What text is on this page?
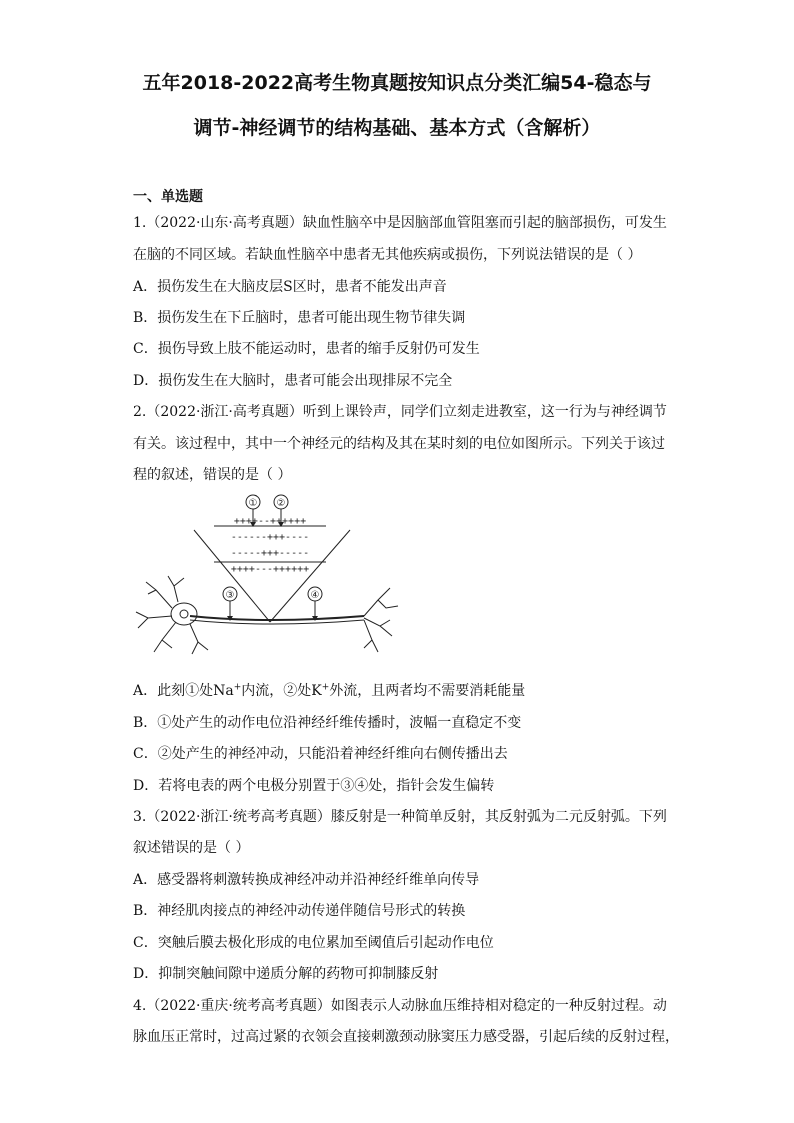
五年2018-2022高考生物真题按知识点分类汇编54-稳态与
调节-神经调节的结构基础、基本方式（含解析）
一、单选题
1.（2022·山东·高考真题）缺血性脑卒中是因脑部血管阻塞而引起的脑部损伤，可发生
在脑的不同区域。若缺血性脑卒中患者无其他疾病或损伤，下列说法错误的是（ ）
A．损伤发生在大脑皮层S区时，患者不能发出声音
B．损伤发生在下丘脑时，患者可能出现生物节律失调
C．损伤导致上肢不能运动时，患者的缩手反射仍可发生
D．损伤发生在大脑时，患者可能会出现排尿不完全
2.（2022·浙江·高考真题）听到上课铃声，同学们立刻走进教室，这一行为与神经调节
有关。该过程中，其中一个神经元的结构及其在某时刻的电位如图所示。下列关于该过
程的叙述，错误的是（ ）
① ②
③	④
++++--++++++
------+++----
-----+++-----
++++---++++++
A．此刻①处Na+内流，②处K+外流，且两者均不需要消耗能量
B．①处产生的动作电位沿神经纤维传播时，波幅一直稳定不变
C．②处产生的神经冲动，只能沿着神经纤维向右侧传播出去
D．若将电表的两个电极分别置于③④处，指针会发生偏转
3.（2022·浙江·统考高考真题）膝反射是一种简单反射，其反射弧为二元反射弧。下列
叙述错误的是（ ）
A．感受器将刺激转换成神经冲动并沿神经纤维单向传导
B．神经肌肉接点的神经冲动传递伴随信号形式的转换
C．突触后膜去极化形成的电位累加至阈值后引起动作电位
D．抑制突触间隙中递质分解的药物可抑制膝反射
4.（2022·重庆·统考高考真题）如图表示人动脉血压维持相对稳定的一种反射过程。动
脉血压正常时，过高过紧的衣领会直接刺激颈动脉窦压力感受器，引起后续的反射过程，
